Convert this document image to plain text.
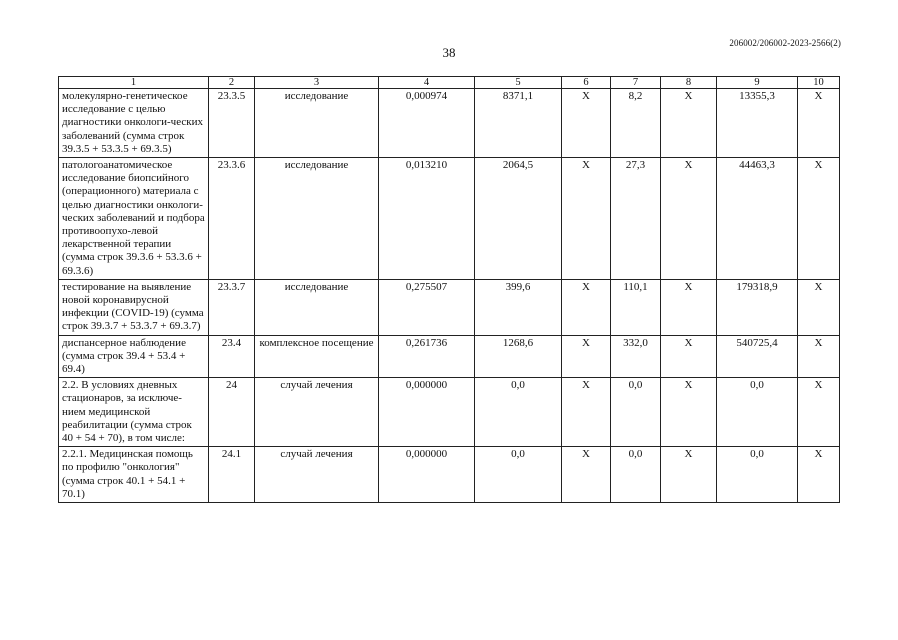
206002/206002-2023-2566(2)
38
1	2	3	4	5	6	7	8	9	10
молекулярно-генетическое исследование с целью диагностики онкологи-ческих заболеваний (сумма строк 39.3.5 + 53.3.5 + 69.3.5)	23.3.5	исследование	0,000974	8371,1	X	8,2	X	13355,3	X
патологоанатомическое исследование биопсийного (операционного) материала с целью диагностики онкологи-ческих заболеваний и подбора противоопухо-левой лекарственной терапии (сумма строк 39.3.6 + 53.3.6 + 69.3.6)	23.3.6	исследование	0,013210	2064,5	X	27,3	X	44463,3	X
тестирование на выявление новой коронавирусной инфекции (COVID-19) (сумма строк 39.3.7 + 53.3.7 + 69.3.7)	23.3.7	исследование	0,275507	399,6	X	110,1	X	179318,9	X
диспансерное наблюдение (сумма строк 39.4 + 53.4 + 69.4)	23.4	комплексное посещение	0,261736	1268,6	X	332,0	X	540725,4	X
2.2. В условиях дневных стационаров, за исключе-нием медицинской реабилитации (сумма строк 40 + 54 + 70), в том числе:	24	случай лечения	0,000000	0,0	X	0,0	X	0,0	X
2.2.1. Медицинская помощь по профилю "онкология" (сумма строк 40.1 + 54.1 + 70.1)	24.1	случай лечения	0,000000	0,0	X	0,0	X	0,0	X
